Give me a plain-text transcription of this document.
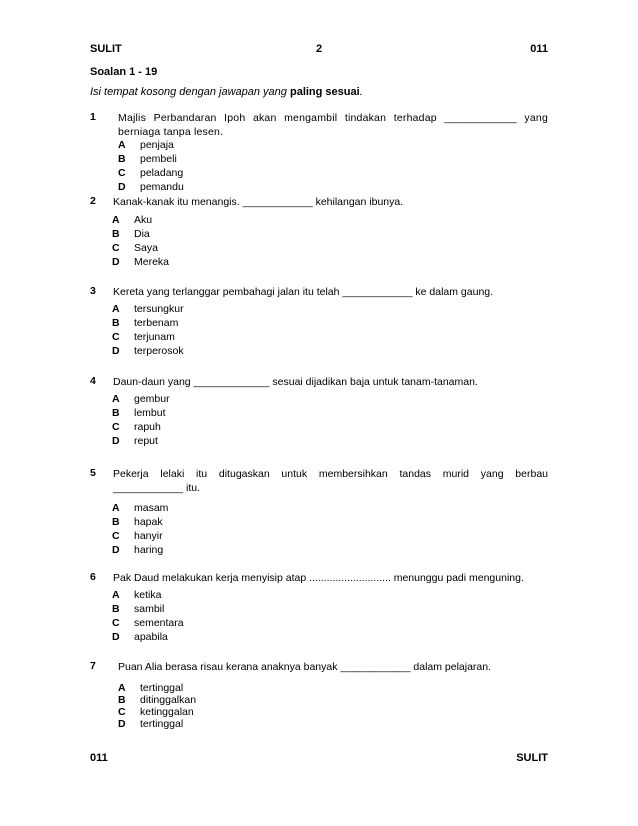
SULIT	2	011
Soalan 1 - 19
Isi tempat kosong dengan jawapan yang paling sesuai.
1 Majlis Perbandaran Ipoh akan mengambil tindakan terhadap ____________ yang
berniaga tanpa lesen.
A penjaja
B pembeli
C peladang
D pemandu
2 Kanak-kanak itu menangis. ____________ kehilangan ibunya.
A Aku
B Dia
C Saya
D Mereka
3 Kereta yang terlanggar pembahagi jalan itu telah ____________ ke dalam gaung.
A tersungkur
B terbenam
C terjunam
D terperosok
4 Daun-daun yang _____________ sesuai dijadikan baja untuk tanam-tanaman.
A gembur
B lembut
C rapuh
D reput
5 Pekerja lelaki itu ditugaskan untuk membersihkan tandas murid yang berbau
____________ itu.
A masam
B hapak
C hanyir
D haring
6 Pak Daud melakukan kerja menyisip atap ............................ menunggu padi menguning.
A ketika
B sambil
C sementara
D apabila
7 Puan Alia berasa risau kerana anaknya banyak ____________ dalam pelajaran.
A tertinggal
B ditinggalkan
C ketinggalan
D tertinggal
011	SULIT
